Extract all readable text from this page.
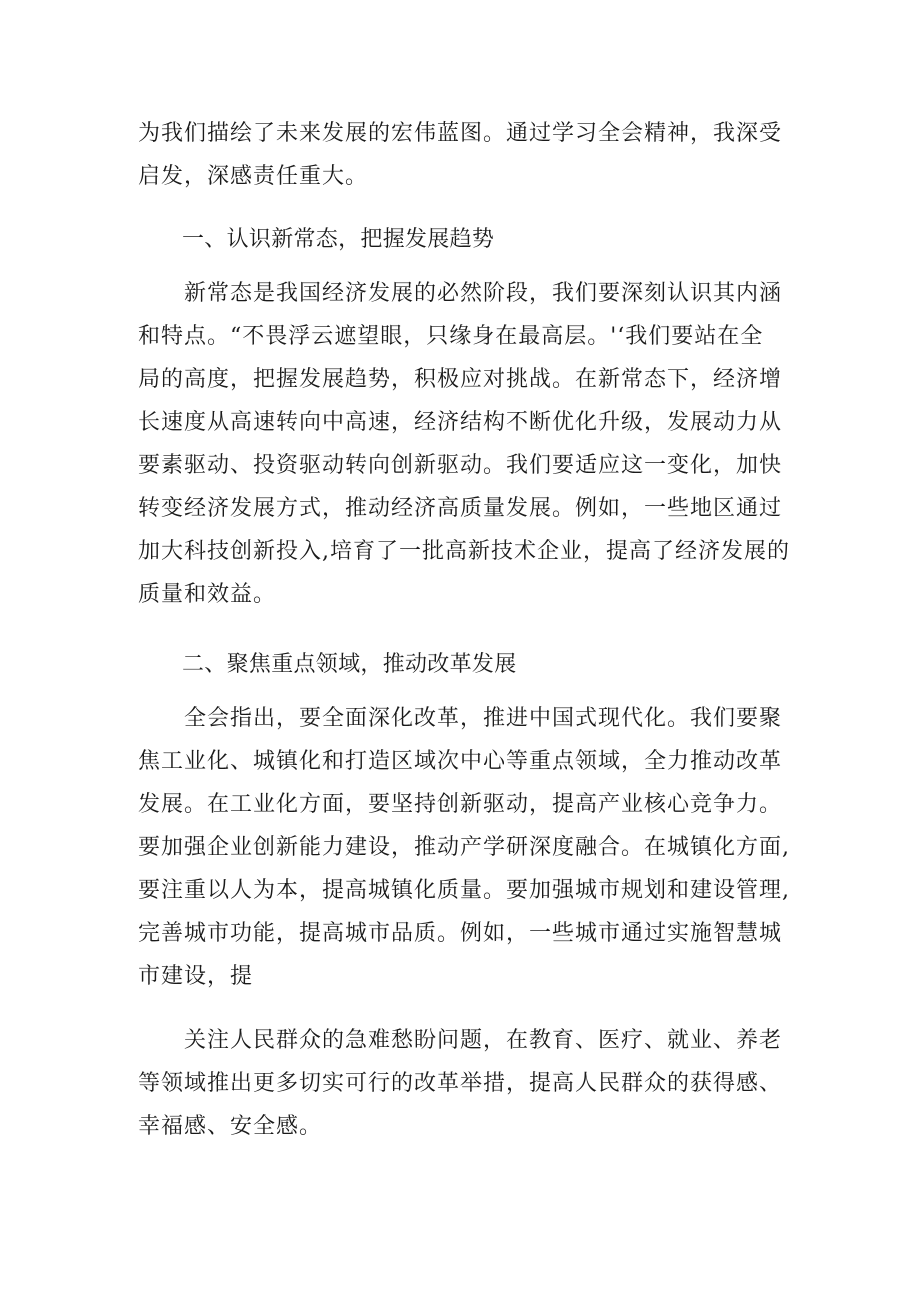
为我们描绘了未来发展的宏伟蓝图。通过学习全会精神，我深受
启发，深感责任重大。

一、认识新常态，把握发展趋势

新常态是我国经济发展的必然阶段，我们要深刻认识其内涵
和特点。“不畏浮云遮望眼，只缘身在最高层。'‘我们要站在全
局的高度，把握发展趋势，积极应对挑战。在新常态下，经济增
长速度从高速转向中高速，经济结构不断优化升级，发展动力从
要素驱动、投资驱动转向创新驱动。我们要适应这一变化，加快
转变经济发展方式，推动经济高质量发展。例如，一些地区通过
加大科技创新投入,培育了一批高新技术企业，提高了经济发展的
质量和效益。

二、聚焦重点领域，推动改革发展

全会指出，要全面深化改革，推进中国式现代化。我们要聚
焦工业化、城镇化和打造区域次中心等重点领域，全力推动改革
发展。在工业化方面，要坚持创新驱动，提高产业核心竞争力。
要加强企业创新能力建设，推动产学研深度融合。在城镇化方面,
要注重以人为本，提高城镇化质量。要加强城市规划和建设管理,
完善城市功能，提高城市品质。例如，一些城市通过实施智慧城
市建设，提

关注人民群众的急难愁盼问题，在教育、医疗、就业、养老
等领域推出更多切实可行的改革举措，提高人民群众的获得感、
幸福感、安全感。
